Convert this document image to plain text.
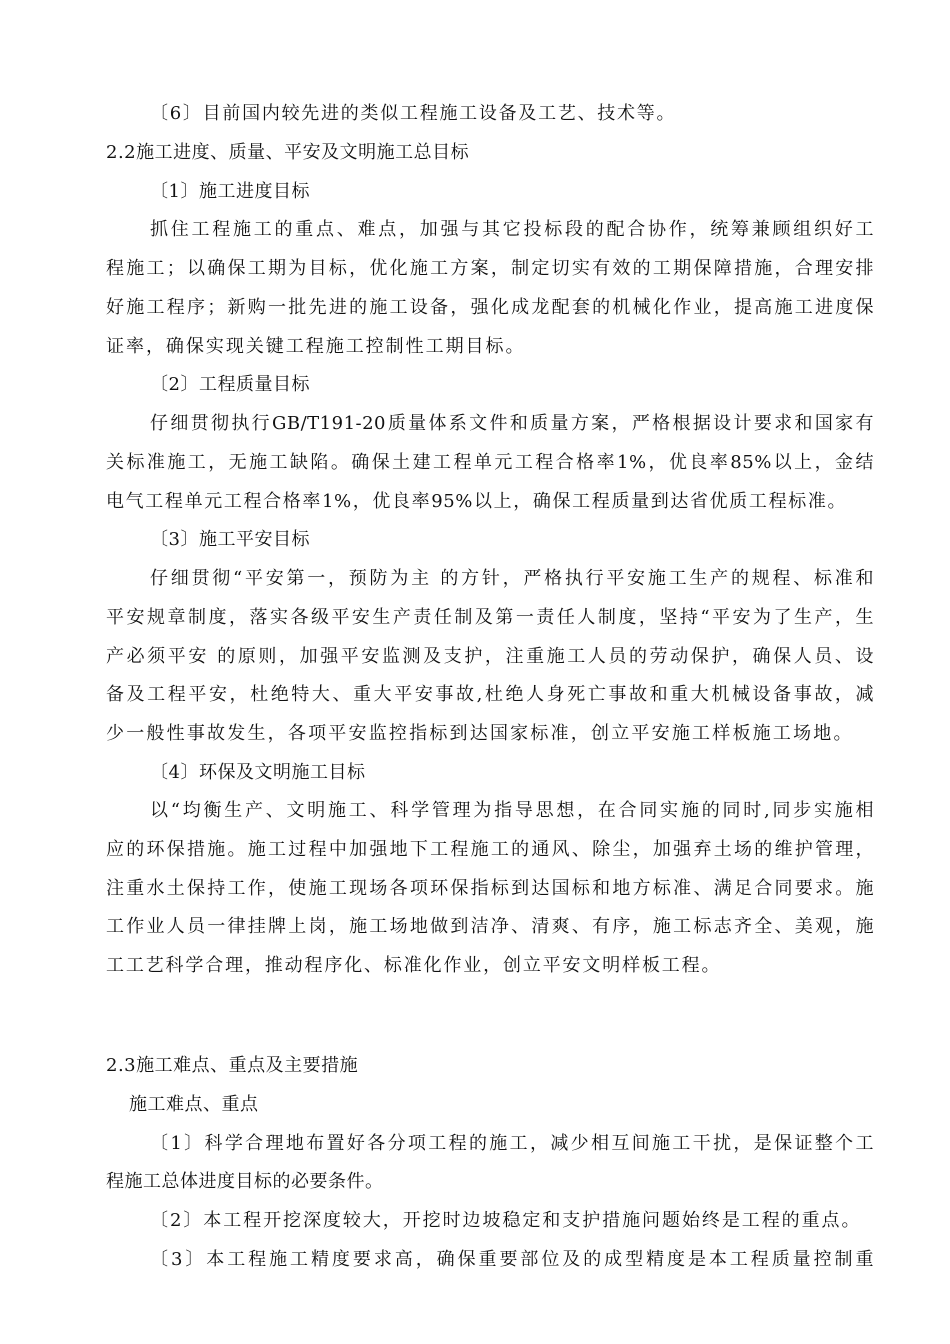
〔6〕目前国内较先进的类似工程施工设备及工艺、技术等。
2.2施工进度、质量、平安及文明施工总目标
〔1〕施工进度目标
抓住工程施工的重点、难点，加强与其它投标段的配合协作，统筹兼顾组织好工
程施工；以确保工期为目标，优化施工方案，制定切实有效的工期保障措施，合理安排
好施工程序；新购一批先进的施工设备，强化成龙配套的机械化作业，提高施工进度保
证率，确保实现关键工程施工控制性工期目标。
〔2〕工程质量目标
仔细贯彻执行GB/T191-20质量体系文件和质量方案，严格根据设计要求和国家有
关标准施工，无施工缺陷。确保土建工程单元工程合格率1%，优良率85%以上，金结
电气工程单元工程合格率1%，优良率95%以上，确保工程质量到达省优质工程标准。
〔3〕施工平安目标
仔细贯彻“平安第一，预防为主 的方针，严格执行平安施工生产的规程、标准和
平安规章制度，落实各级平安生产责任制及第一责任人制度，坚持“平安为了生产，生
产必须平安 的原则，加强平安监测及支护，注重施工人员的劳动保护，确保人员、设
备及工程平安，杜绝特大、重大平安事故,杜绝人身死亡事故和重大机械设备事故，减
少一般性事故发生，各项平安监控指标到达国家标准，创立平安施工样板施工场地。
〔4〕环保及文明施工目标
以“均衡生产、文明施工、科学管理为指导思想，在合同实施的同时,同步实施相
应的环保措施。施工过程中加强地下工程施工的通风、除尘，加强弃土场的维护管理，
注重水土保持工作，使施工现场各项环保指标到达国标和地方标准、满足合同要求。施
工作业人员一律挂牌上岗，施工场地做到洁净、清爽、有序，施工标志齐全、美观，施
工工艺科学合理，推动程序化、标准化作业，创立平安文明样板工程。
2.3施工难点、重点及主要措施
施工难点、重点
〔1〕科学合理地布置好各分项工程的施工，减少相互间施工干扰，是保证整个工
程施工总体进度目标的必要条件。
〔2〕本工程开挖深度较大，开挖时边坡稳定和支护措施问题始终是工程的重点。
〔3〕本工程施工精度要求高，确保重要部位及的成型精度是本工程质量控制重
